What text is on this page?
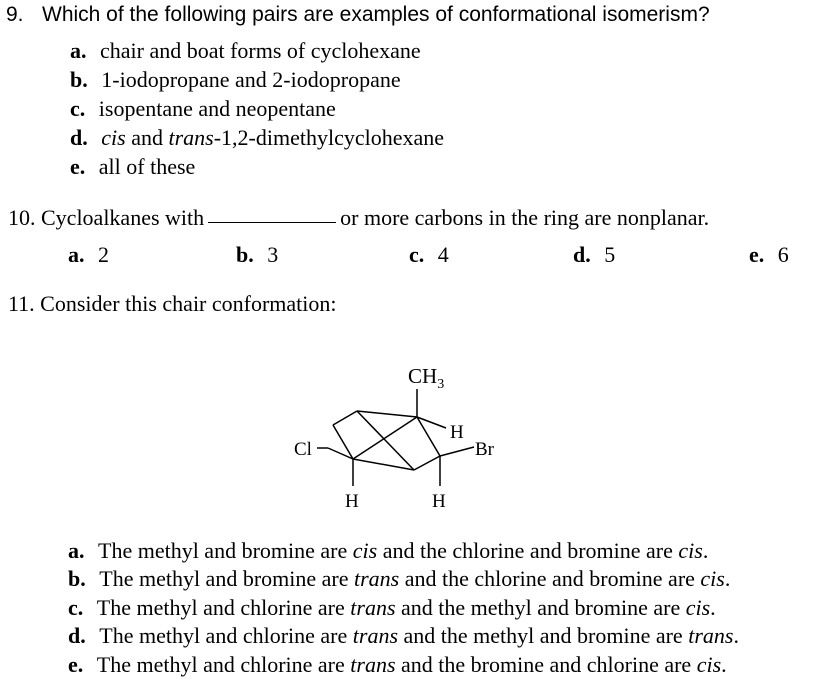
9. Which of the following pairs are examples of conformational isomerism?
a. chair and boat forms of cyclohexane
b. 1-iodopropane and 2-iodopropane
c. isopentane and neopentane
d. cis and trans-1,2-dimethylcyclohexane
e. all of these
10. Cycloalkanes with	or more carbons in the ring are nonplanar.
a. 2	b. 3	c. 4	d. 5	e. 6
11. Consider this chair conformation:
$CH_3$
H
Br
Cl
H	H
a. The methyl and bromine are cis and the chlorine and bromine are cis.
b. The methyl and bromine are trans and the chlorine and bromine are cis.
c. The methyl and chlorine are trans and the methyl and bromine are cis.
d. The methyl and chlorine are trans and the methyl and bromine are trans.
e. The methyl and chlorine are trans and the bromine and chlorine are cis.
